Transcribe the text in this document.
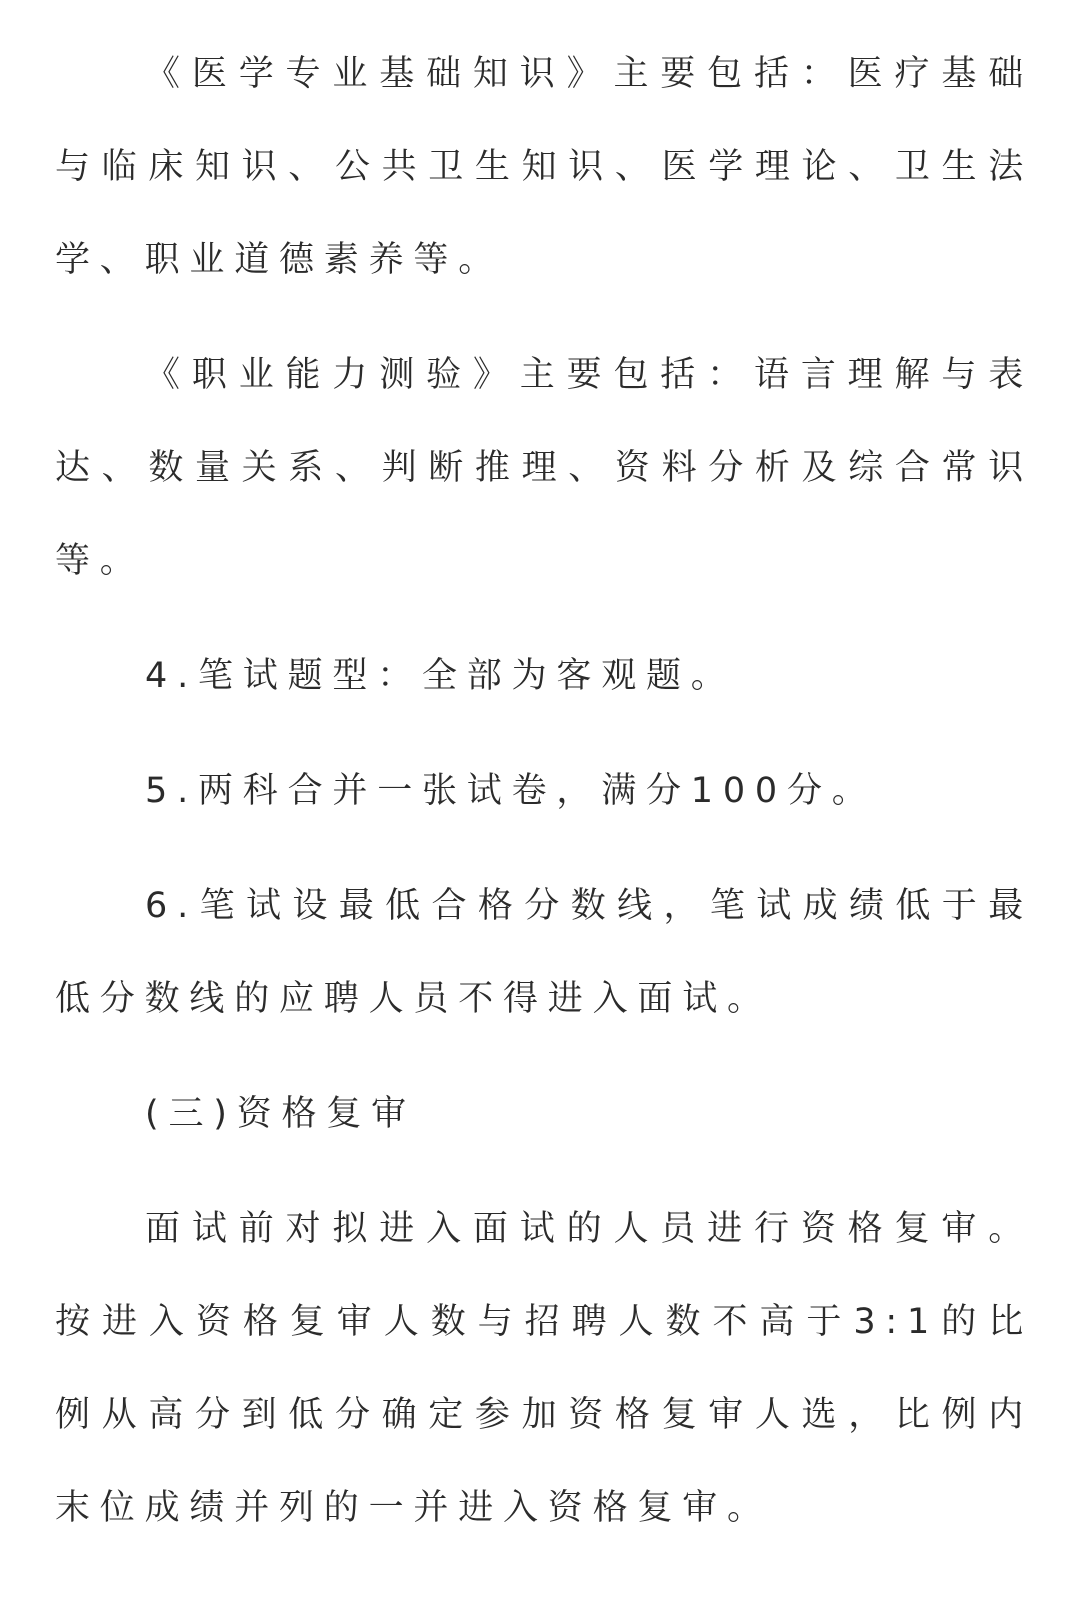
《医学专业基础知识》主要包括：医疗基础与临床知识、公共卫生知识、医学理论、卫生法学、职业道德素养等。

《职业能力测验》主要包括：语言理解与表达、数量关系、判断推理、资料分析及综合常识等。

4.笔试题型：全部为客观题。

5.两科合并一张试卷，满分100分。

6.笔试设最低合格分数线，笔试成绩低于最低分数线的应聘人员不得进入面试。

(三)资格复审

面试前对拟进入面试的人员进行资格复审。按进入资格复审人数与招聘人数不高于3:1的比例从高分到低分确定参加资格复审人选，比例内末位成绩并列的一并进入资格复审。
